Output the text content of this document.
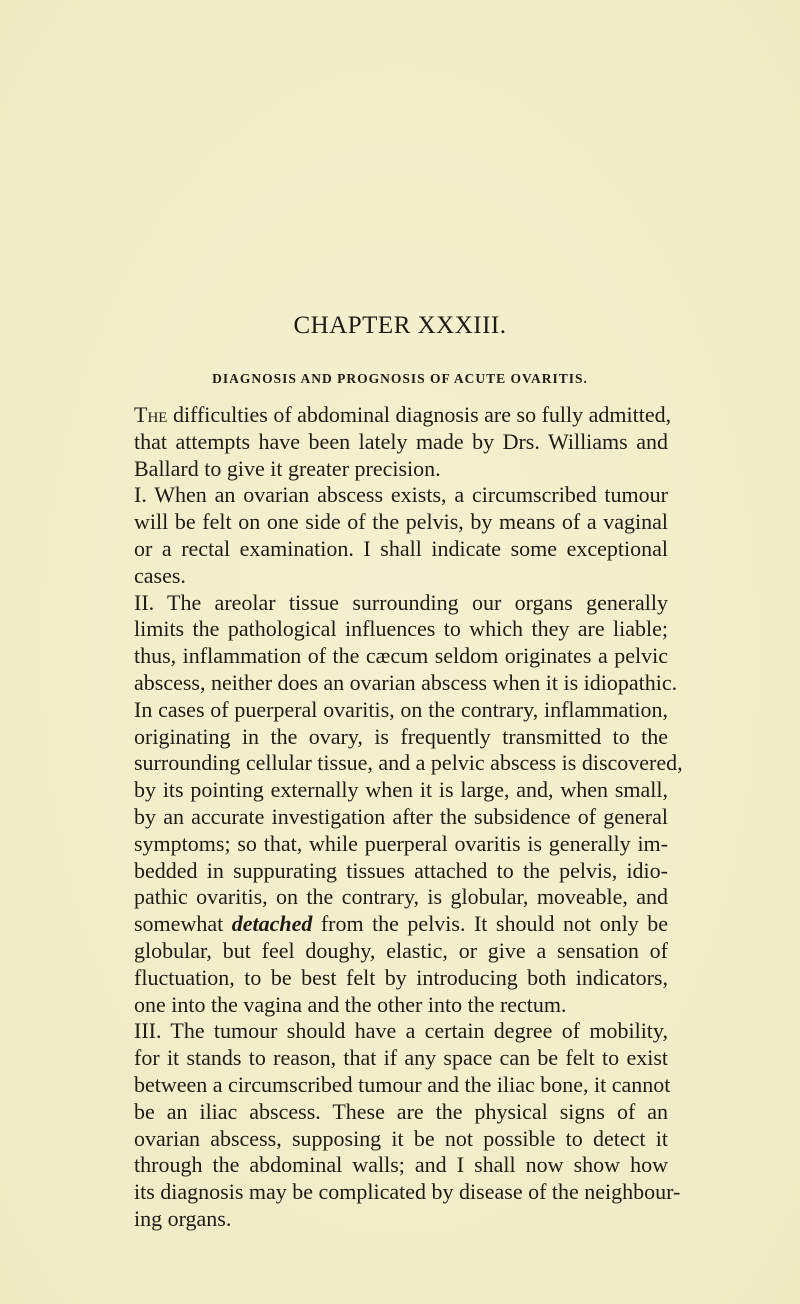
CHAPTER XXXIII.
DIAGNOSIS AND PROGNOSIS OF ACUTE OVARITIS.
The difficulties of abdominal diagnosis are so fully admitted,
that attempts have been lately made by Drs. Williams and
Ballard to give it greater precision.
I. When an ovarian abscess exists, a circumscribed tumour
will be felt on one side of the pelvis, by means of a vaginal
or a rectal examination. I shall indicate some exceptional
cases.
II. The areolar tissue surrounding our organs generally
limits the pathological influences to which they are liable;
thus, inflammation of the cæcum seldom originates a pelvic
abscess, neither does an ovarian abscess when it is idiopathic.
In cases of puerperal ovaritis, on the contrary, inflammation,
originating in the ovary, is frequently transmitted to the
surrounding cellular tissue, and a pelvic abscess is discovered,
by its pointing externally when it is large, and, when small,
by an accurate investigation after the subsidence of general
symptoms; so that, while puerperal ovaritis is generally im-
bedded in suppurating tissues attached to the pelvis, idio-
pathic ovaritis, on the contrary, is globular, moveable, and
somewhat detached from the pelvis. It should not only be
globular, but feel doughy, elastic, or give a sensation of
fluctuation, to be best felt by introducing both indicators,
one into the vagina and the other into the rectum.
III. The tumour should have a certain degree of mobility,
for it stands to reason, that if any space can be felt to exist
between a circumscribed tumour and the iliac bone, it cannot
be an iliac abscess. These are the physical signs of an
ovarian abscess, supposing it be not possible to detect it
through the abdominal walls; and I shall now show how
its diagnosis may be complicated by disease of the neighbour-
ing organs.
